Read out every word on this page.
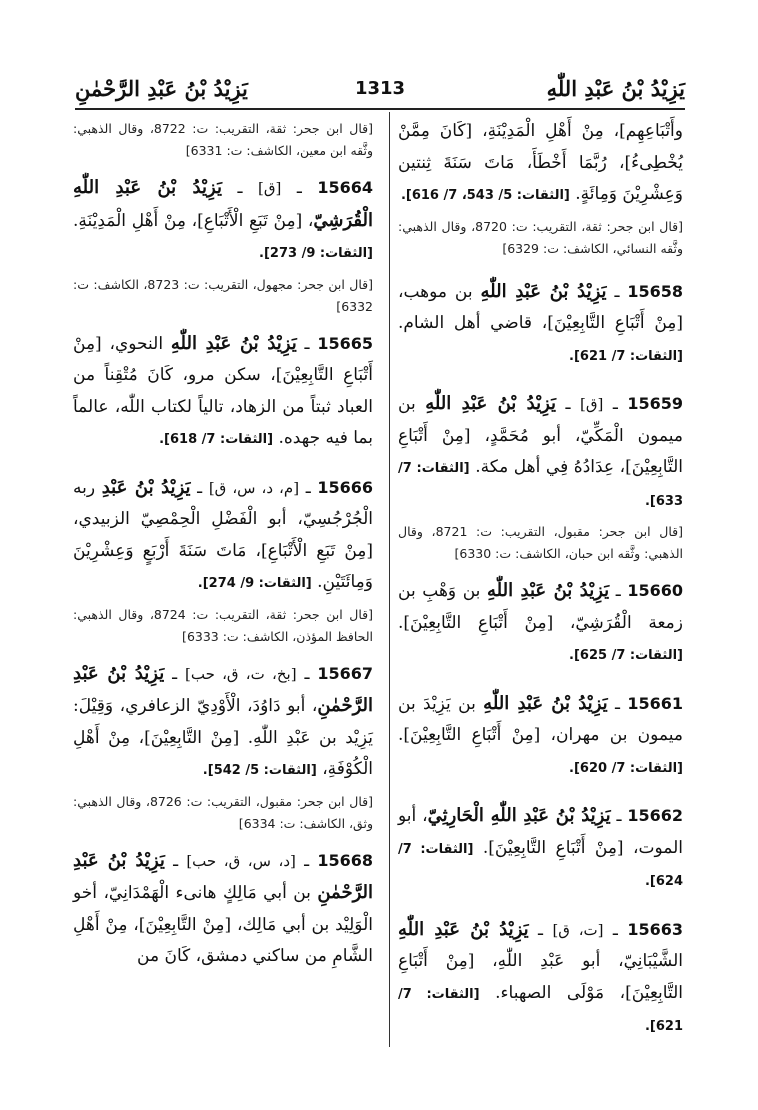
يَزِيْدُ بْنُ عَبْدِ اللّٰهِ
1313
يَزِيْدُ بْنُ عَبْدِ الرَّحْمٰنِ

وأَتْبَاعِهِم]، مِنْ أَهْلِ الْمَدِيْنَةِ، [كَانَ مِمَّنْ يُخْطِىءُ]، رُبَّمَا أَخْطَأَ، مَاتَ سَنَةَ ثِنتين وَعِشْرِيْنَ وَمِائَةٍ. [الثقات: 5/ 543، 7/ 616].

[قال ابن جحر: ثقة، التقريب: ت: 8720، وقال الذهبي: وثَّقه النسائي، الكاشف: ت: 6329]

15658 ـ يَزِيْدُ بْنُ عَبْدِ اللّٰهِ بن موهب، [مِنْ أَتْبَاعِ التَّابِعِيْنَ]، قاضي أهل الشام. [الثقات: 7/ 621].

15659 ـ [ق] ـ يَزِيْدُ بْنُ عَبْدِ اللّٰهِ بن ميمون الْمَكِّيّ، أبو مُحَمَّدٍ، [مِنْ أَتْبَاعِ التَّابِعِيْنَ]، عِدَادُهُ فِي أهل مكة. [الثقات: 7/ 633].

[قال ابن جحر: مقبول، التقريب: ت: 8721، وقال الذهبي: وثَّقه ابن حبان، الكاشف: ت: 6330]

15660 ـ يَزِيْدُ بْنُ عَبْدِ اللّٰهِ بن وَهْبِ بن زمعة الْقُرَشِيّ، [مِنْ أَتْبَاعِ التَّابِعِيْنَ]. [الثقات: 7/ 625].

15661 ـ يَزِيْدُ بْنُ عَبْدِ اللّٰهِ بن يَزِيْدَ بن ميمون بن مهران، [مِنْ أَتْبَاعِ التَّابِعِيْنَ]. [الثقات: 7/ 620].

15662 ـ يَزِيْدُ بْنُ عَبْدِ اللّٰهِ الْحَارِثِيّ، أبو الموت، [مِنْ أَتْبَاعِ التَّابِعِيْنَ]. [الثقات: 7/ 624].

15663 ـ [ت، ق] ـ يَزِيْدُ بْنُ عَبْدِ اللّٰهِ الشَّيْبَانِيّ، أبو عَبْدِ اللّٰهِ، [مِنْ أَتْبَاعِ التَّابِعِيْنَ]، مَوْلَى الصهباء. [الثقات: 7/ 621].

[قال ابن جحر: ثقة، التقريب: ت: 8722، وقال الذهبي: وثَّقه ابن معين، الكاشف: ت: 6331]

15664 ـ [ق] ـ يَزِيْدُ بْنُ عَبْدِ اللّٰهِ الْقُرَشِيّ، [مِنْ تَبَعِ الْأَتْبَاعِ]، مِنْ أَهْلِ الْمَدِيْنَةِ. [الثقات: 9/ 273].

[قال ابن جحر: مجهول، التقريب: ت: 8723، الكاشف: ت: 6332]

15665 ـ يَزِيْدُ بْنُ عَبْدِ اللّٰهِ النحوي، [مِنْ أَتْبَاعِ التَّابِعِيْنَ]، سكن مرو، كَانَ مُتْقِناً من العباد ثبتاً من الزهاد، تالياً لكتاب اللّٰه، عالماً بما فيه جهده. [الثقات: 7/ 618].

15666 ـ [م، د، س، ق] ـ يَزِيْدُ بْنُ عَبْدِ ربه الْجُرْجُسِيّ، أبو الْفَضْلِ الْحِمْصِيّ الزبيدي، [مِنْ تَبَعِ الْأَتْبَاعِ]، مَاتَ سَنَةَ أَرْبَعٍ وَعِشْرِيْنَ وَمِائَتَيْنِ. [الثقات: 9/ 274].

[قال ابن جحر: ثقة، التقريب: ت: 8724، وقال الذهبي: الحافظ المؤذن، الكاشف: ت: 6333]

15667 ـ [بخ، ت، ق، حب] ـ يَزِيْدُ بْنُ عَبْدِ الرَّحْمٰنِ، أبو دَاوُدَ، الْأَوْدِيّ الزعافري، وَقِيْلَ: يَزِيْد بن عَبْدِ اللّٰهِ. [مِنْ التَّابِعِيْنَ]، مِنْ أَهْلِ الْكُوْفَةِ، [الثقات: 5/ 542].

[قال ابن جحر: مقبول، التقريب: ت: 8726، وقال الذهبي: وثق، الكاشف: ت: 6334]

15668 ـ [د، س، ق، حب] ـ يَزِيْدُ بْنُ عَبْدِ الرَّحْمٰنِ بن أبي مَالِكٍ هانىء الْهَمْدَانِيّ، أخو الْوَلِيْد بن أبي مَالِك، [مِنْ التَّابِعِيْنَ]، مِنْ أَهْلِ الشَّامِ من ساكني دمشق، كَانَ من
